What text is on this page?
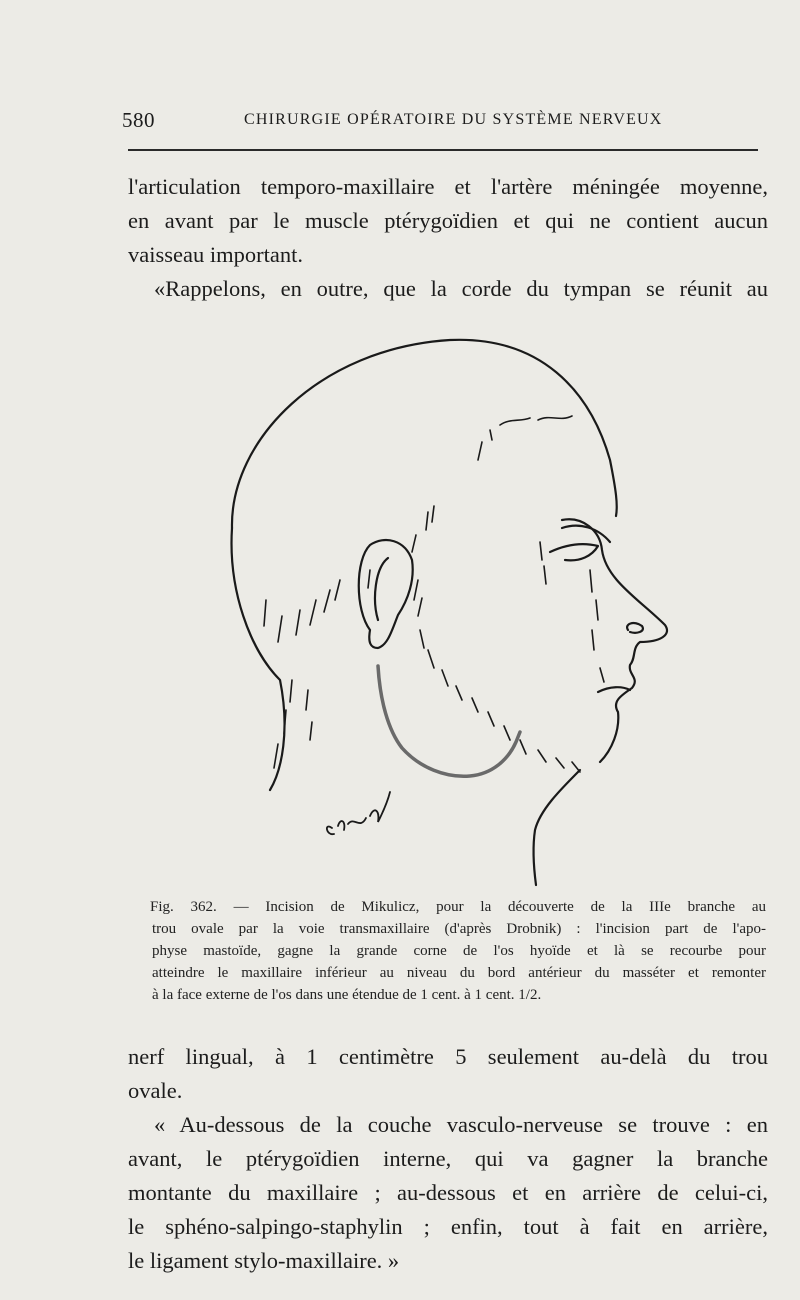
580	CHIRURGIE OPÉRATOIRE DU SYSTÈME NERVEUX
l'articulation temporo-maxillaire et l'artère méningée moyenne,
en avant par le muscle ptérygoïdien et qui ne contient aucun
vaisseau important.
«Rappelons, en outre, que la corde du tympan se réunit au
Fig. 362. — Incision de Mikulicz, pour la découverte de la IIIe branche au
trou ovale par la voie transmaxillaire (d'après Drobnik) : l'incision part de l'apo-
physe mastoïde, gagne la grande corne de l'os hyoïde et là se recourbe pour
atteindre le maxillaire inférieur au niveau du bord antérieur du masséter et remonter
à la face externe de l'os dans une étendue de 1 cent. à 1 cent. 1/2.
nerf lingual, à 1 centimètre 5 seulement au-delà du trou
ovale.
« Au-dessous de la couche vasculo-nerveuse se trouve : en
avant, le ptérygoïdien interne, qui va gagner la branche
montante du maxillaire ; au-dessous et en arrière de celui-ci,
le sphéno-salpingo-staphylin ; enfin, tout à fait en arrière,
le ligament stylo-maxillaire. »
